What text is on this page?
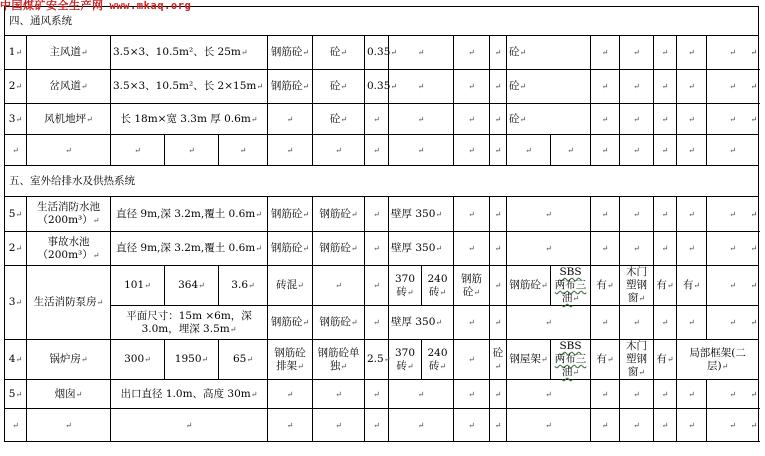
中国煤矿安全生产网 www.mkaq.org
四、通风系统																		
1↵	主风道↵	3.5×3、10.5m²、长 25m↵			钢筋砼↵	砼↵	0.35↵	↵		↵	↵	砼↵		↵	↵	↵	↵	↵ ↵

2↵	岔风道↵	3.5×3、10.5m²、长 2×15m↵			钢筋砼↵	砼↵	0.35↵	↵		↵	↵	砼↵		↵	↵	↵	↵	↵ ↵

3↵	风机地坪↵	长 18m×宽 3.3m 厚 0.6m↵			↵	砼↵	↵	↵		↵	↵	砼↵		↵	↵	↵	↵	↵ ↵

↵	↵	↵	↵	↵	↵	↵	↵	↵		↵	↵	↵	↵	↵	↵	↵	↵	↵
五、室外给排水及供热系统																		
5↵	生活消防水池（200m³）↵	直径 9m,深 3.2m,覆土 0.6m↵			钢筋砼↵	钢筋砼↵	↵	壁厚 350↵		↵	↵	↵		↵	↵	↵	↵	↵ ↵

2↵	事故水池（200m³）↵	直径 9m,深 3.2m,覆土 0.6m↵			钢筋砼↵	钢筋砼↵	↵	壁厚 350↵		↵	↵	↵		↵	↵	↵	↵	↵ ↵

3↵	生活消防泵房↵	101↵	364↵	3.6↵	砖混↵	↵	↵	370 砖↵	240 砖↵	钢筋砼↵	↵	钢筋砼↵	SBS 两布三油↵	有↵	木门塑钢窗↵	有↵	有↵	↵ ↵

		平面尺寸：15m ×6m，深 3.0m，埋深 3.5m↵			钢筋砼↵	钢筋砼↵	↵	壁厚 350↵		↵	↵	↵		↵	↵	↵	↵	↵ ↵

4↵	锅炉房↵	300↵	1950↵	65↵	钢筋砼排架↵	钢筋砼单独↵	2.5↵	370 砖↵	240 砖↵	↵	砼↵	钢屋架↵	SBS 两布三油↵	有↵	木门塑钢窗↵	有↵	局部框架(二层)↵	
5↵	烟囱↵	出口直径 1.0m、高度 30m↵			↵	↵	↵	↵		↵	↵	↵		↵	↵	↵	↵	↵ ↵

↵	↵	↵			↵	↵	↵	↵		↵	↵	↵		↵	↵	↵	↵	↵ ↵
